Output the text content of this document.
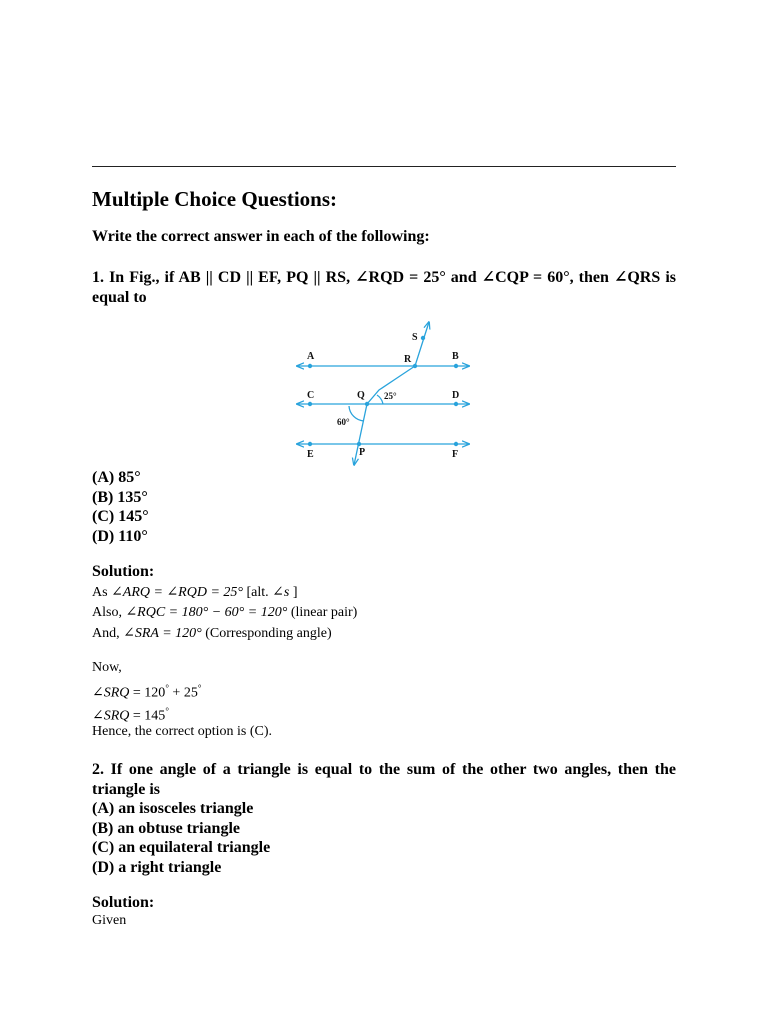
Multiple Choice Questions:
Write the correct answer in each of the following:
1. In Fig., if AB || CD || EF, PQ || RS, ∠RQD = 25° and ∠CQP = 60°, then ∠QRS is equal to
S
A	R	B
C	Q 25°	D
60°
E	P	F
(A) 85°
(B) 135°
(C) 145°
(D) 110°
Solution:
As ∠ARQ = ∠RQD = 25° [alt. ∠s ]
Also, ∠RQC = 180° − 60° = 120° (linear pair)
And, ∠SRA = 120° (Corresponding angle)
Now,
∠SRQ = 120° + 25°
∠SRQ = 145°
Hence, the correct option is (C).
2. If one angle of a triangle is equal to the sum of the other two angles, then the triangle is
(A) an isosceles triangle
(B) an obtuse triangle
(C) an equilateral triangle
(D) a right triangle
Solution:
Given
